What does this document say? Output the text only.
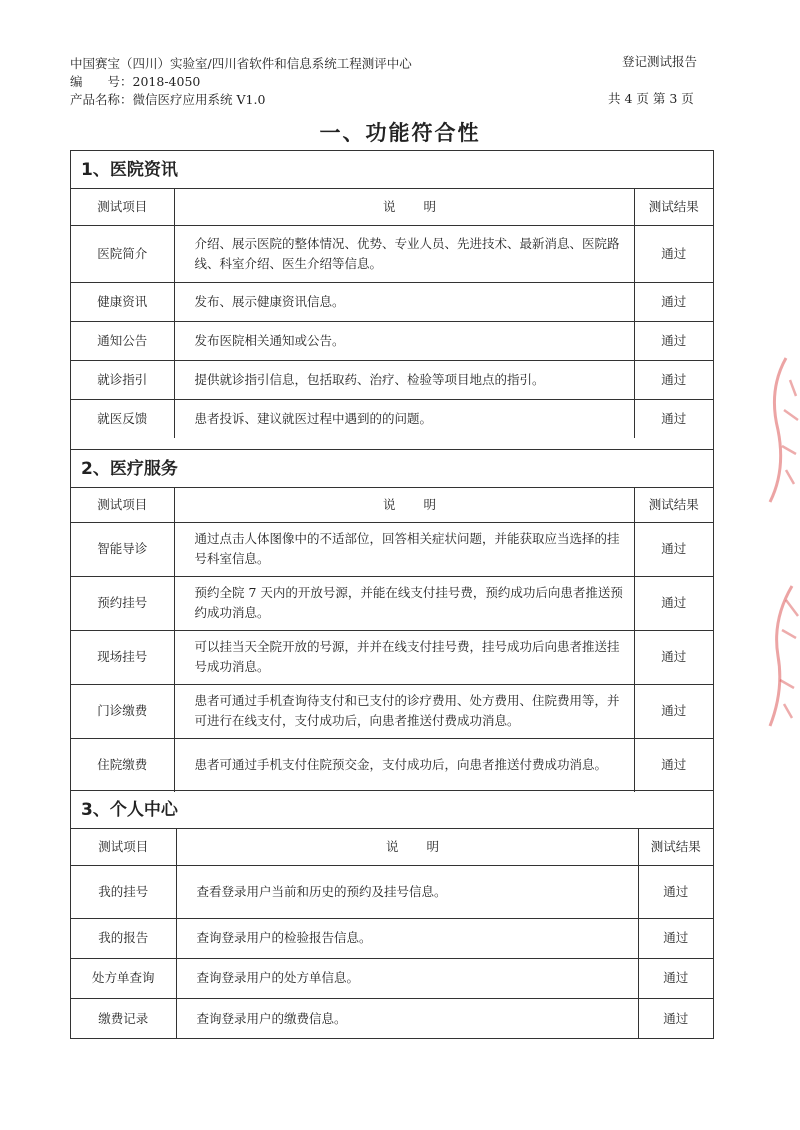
中国赛宝（四川）实验室/四川省软件和信息系统工程测评中心	登记测试报告
编　　号：2018-4050
产品名称：微信医疗应用系统 V1.0	共 4 页 第 3 页
一、功能符合性
1、医院资讯
测试项目	说　　明	测试结果
医院简介	介绍、展示医院的整体情况、优势、专业人员、先进技术、最新消息、医院路线、科室介绍、医生介绍等信息。	通过
健康资讯	发布、展示健康资讯信息。	通过
通知公告	发布医院相关通知或公告。	通过
就诊指引	提供就诊指引信息，包括取药、治疗、检验等项目地点的指引。	通过
就医反馈	患者投诉、建议就医过程中遇到的的问题。	通过
2、医疗服务
测试项目	说　　明	测试结果
智能导诊	通过点击人体图像中的不适部位，回答相关症状问题，并能获取应当选择的挂号科室信息。	通过
预约挂号	预约全院 7 天内的开放号源，并能在线支付挂号费，预约成功后向患者推送预约成功消息。	通过
现场挂号	可以挂当天全院开放的号源，并并在线支付挂号费，挂号成功后向患者推送挂号成功消息。	通过
门诊缴费	患者可通过手机查询待支付和已支付的诊疗费用、处方费用、住院费用等，并可进行在线支付，支付成功后，向患者推送付费成功消息。	通过
住院缴费	患者可通过手机支付住院预交金，支付成功后，向患者推送付费成功消息。	通过
3、个人中心
测试项目	说　　明	测试结果
我的挂号	查看登录用户当前和历史的预约及挂号信息。	通过
我的报告	查询登录用户的检验报告信息。	通过
处方单查询	查询登录用户的处方单信息。	通过
缴费记录	查询登录用户的缴费信息。	通过
